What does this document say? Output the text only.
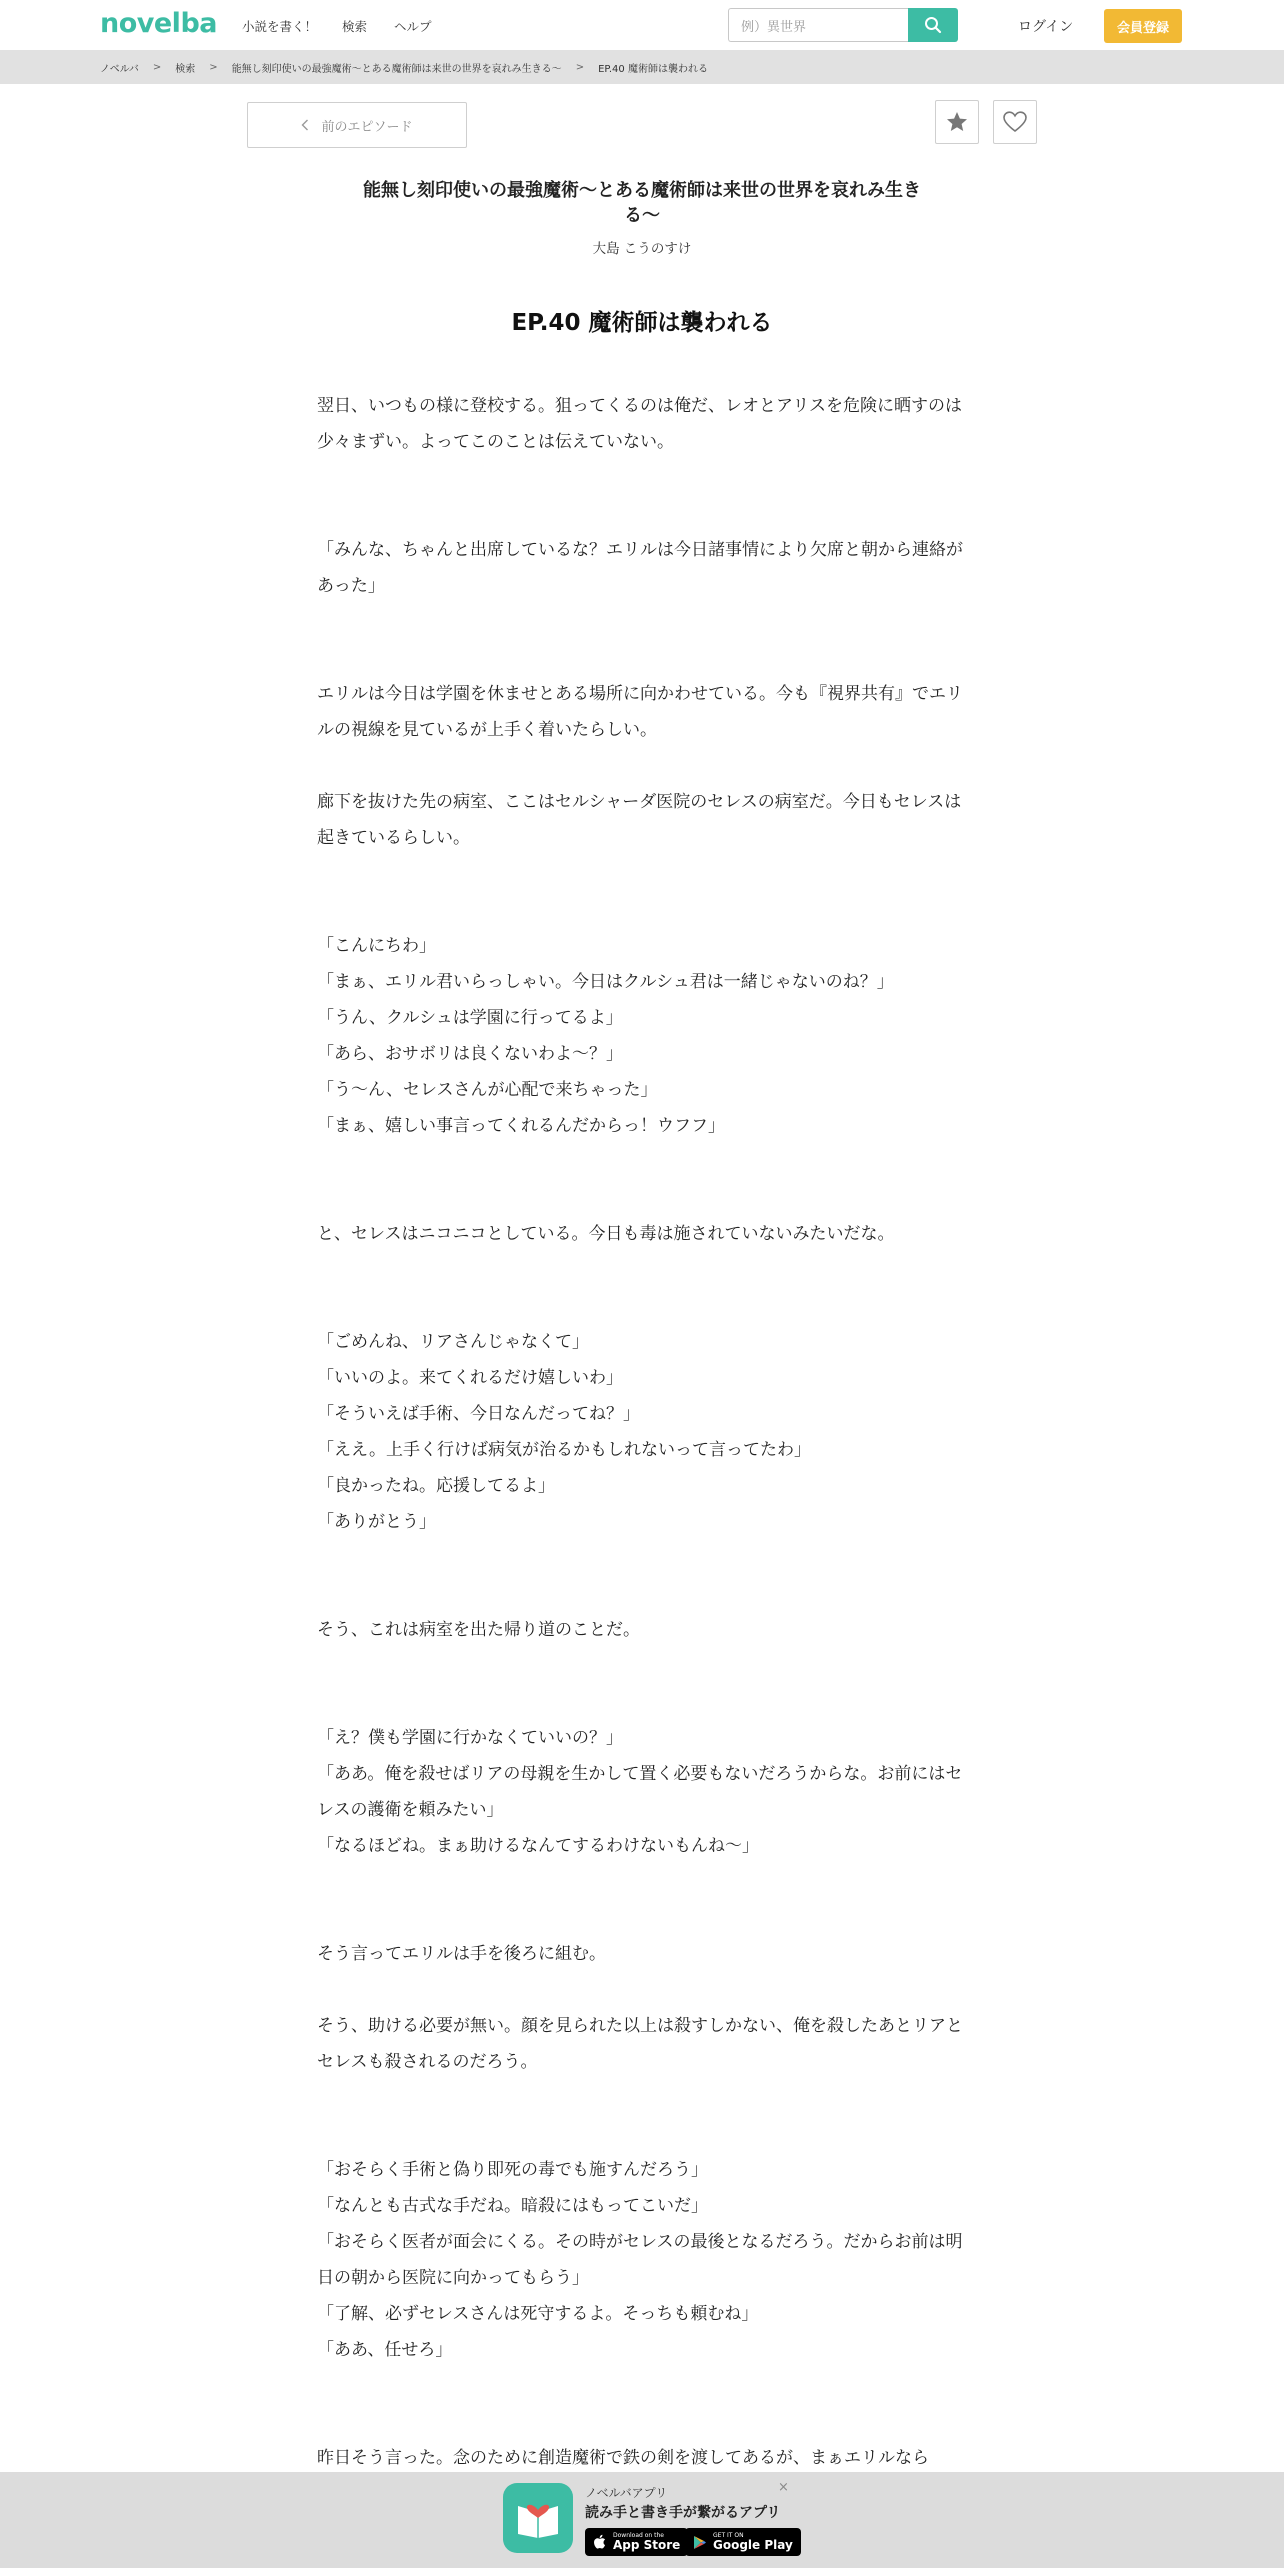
novelba 小説を書く！ 検索 ヘルプ	例）異世界	ログイン	会員登録
ノベルバ > 検索 > 能無し刻印使いの最強魔術〜とある魔術師は来世の世界を哀れみ生きる〜 > EP.40 魔術師は襲われる
前のエピソード
能無し刻印使いの最強魔術〜とある魔術師は来世の世界を哀れみ生きる〜
大島 こうのすけ
EP.40 魔術師は襲われる

翌日、いつもの様に登校する。狙ってくるのは俺だ、レオとアリスを危険に晒すのは少々まずい。よってこのことは伝えていない。

「みんな、ちゃんと出席しているな？エリルは今日諸事情により欠席と朝から連絡があった」

エリルは今日は学園を休ませとある場所に向かわせている。今も『視界共有』でエリルの視線を見ているが上手く着いたらしい。

廊下を抜けた先の病室、ここはセルシャーダ医院のセレスの病室だ。今日もセレスは起きているらしい。

「こんにちわ」

「まぁ、エリル君いらっしゃい。今日はクルシュ君は一緒じゃないのね？」

「うん、クルシュは学園に行ってるよ」

「あら、おサボリは良くないわよ〜？」

「う〜ん、セレスさんが心配で来ちゃった」

「まぁ、嬉しい事言ってくれるんだからっ！ウフフ」

と、セレスはニコニコとしている。今日も毒は施されていないみたいだな。

「ごめんね、リアさんじゃなくて」

「いいのよ。来てくれるだけ嬉しいわ」

「そういえば手術、今日なんだってね？」

「ええ。上手く行けば病気が治るかもしれないって言ってたわ」

「良かったね。応援してるよ」

「ありがとう」

そう、これは病室を出た帰り道のことだ。

「え？僕も学園に行かなくていいの？」

「ああ。俺を殺せばリアの母親を生かして置く必要もないだろうからな。お前にはセレスの護衛を頼みたい」

「なるほどね。まぁ助けるなんてするわけないもんね〜」

そう言ってエリルは手を後ろに組む。

そう、助ける必要が無い。顔を見られた以上は殺すしかない、俺を殺したあとリアとセレスも殺されるのだろう。

「おそらく手術と偽り即死の毒でも施すんだろう」

「なんとも古式な手だね。暗殺にはもってこいだ」

「おそらく医者が面会にくる。その時がセレスの最後となるだろう。だからお前は明日の朝から医院に向かってもらう」

「了解、必ずセレスさんは死守するよ。そっちも頼むね」

「ああ、任せろ」

昨日そう言った。念のために創造魔術で鉄の剣を渡してあるが、まぁエリルなら

ノベルバアプリ
読み手と書き手が繋がるアプリ
Download on the
App Store
GET IT ON
Google Play
×
